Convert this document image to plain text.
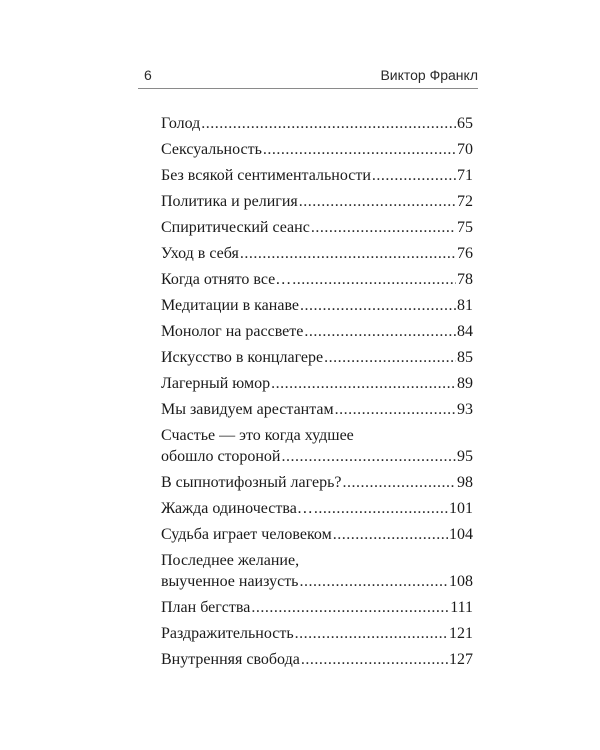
6	Виктор Франкл
Голод .....	65
Сексуальность .....	70
Без всякой сентиментальности .....	71
Политика и религия .....	72
Спиритический сеанс .....	75
Уход в себя .....	76
Когда отнято все… .....	78
Медитации в канаве .....	81
Монолог на рассвете .....	84
Искусство в концлагере .....	85
Лагерный юмор .....	89
Мы завидуем арестантам .....	93
Счастье — это когда худшее
обошло стороной .....	95
В сыпнотифозный лагерь? .....	98
Жажда одиночества… .....	101
Судьба играет человеком .....	104
Последнее желание,
выученное наизусть .....	108
План бегства .....	111
Раздражительность .....	121
Внутренняя свобода .....	127
